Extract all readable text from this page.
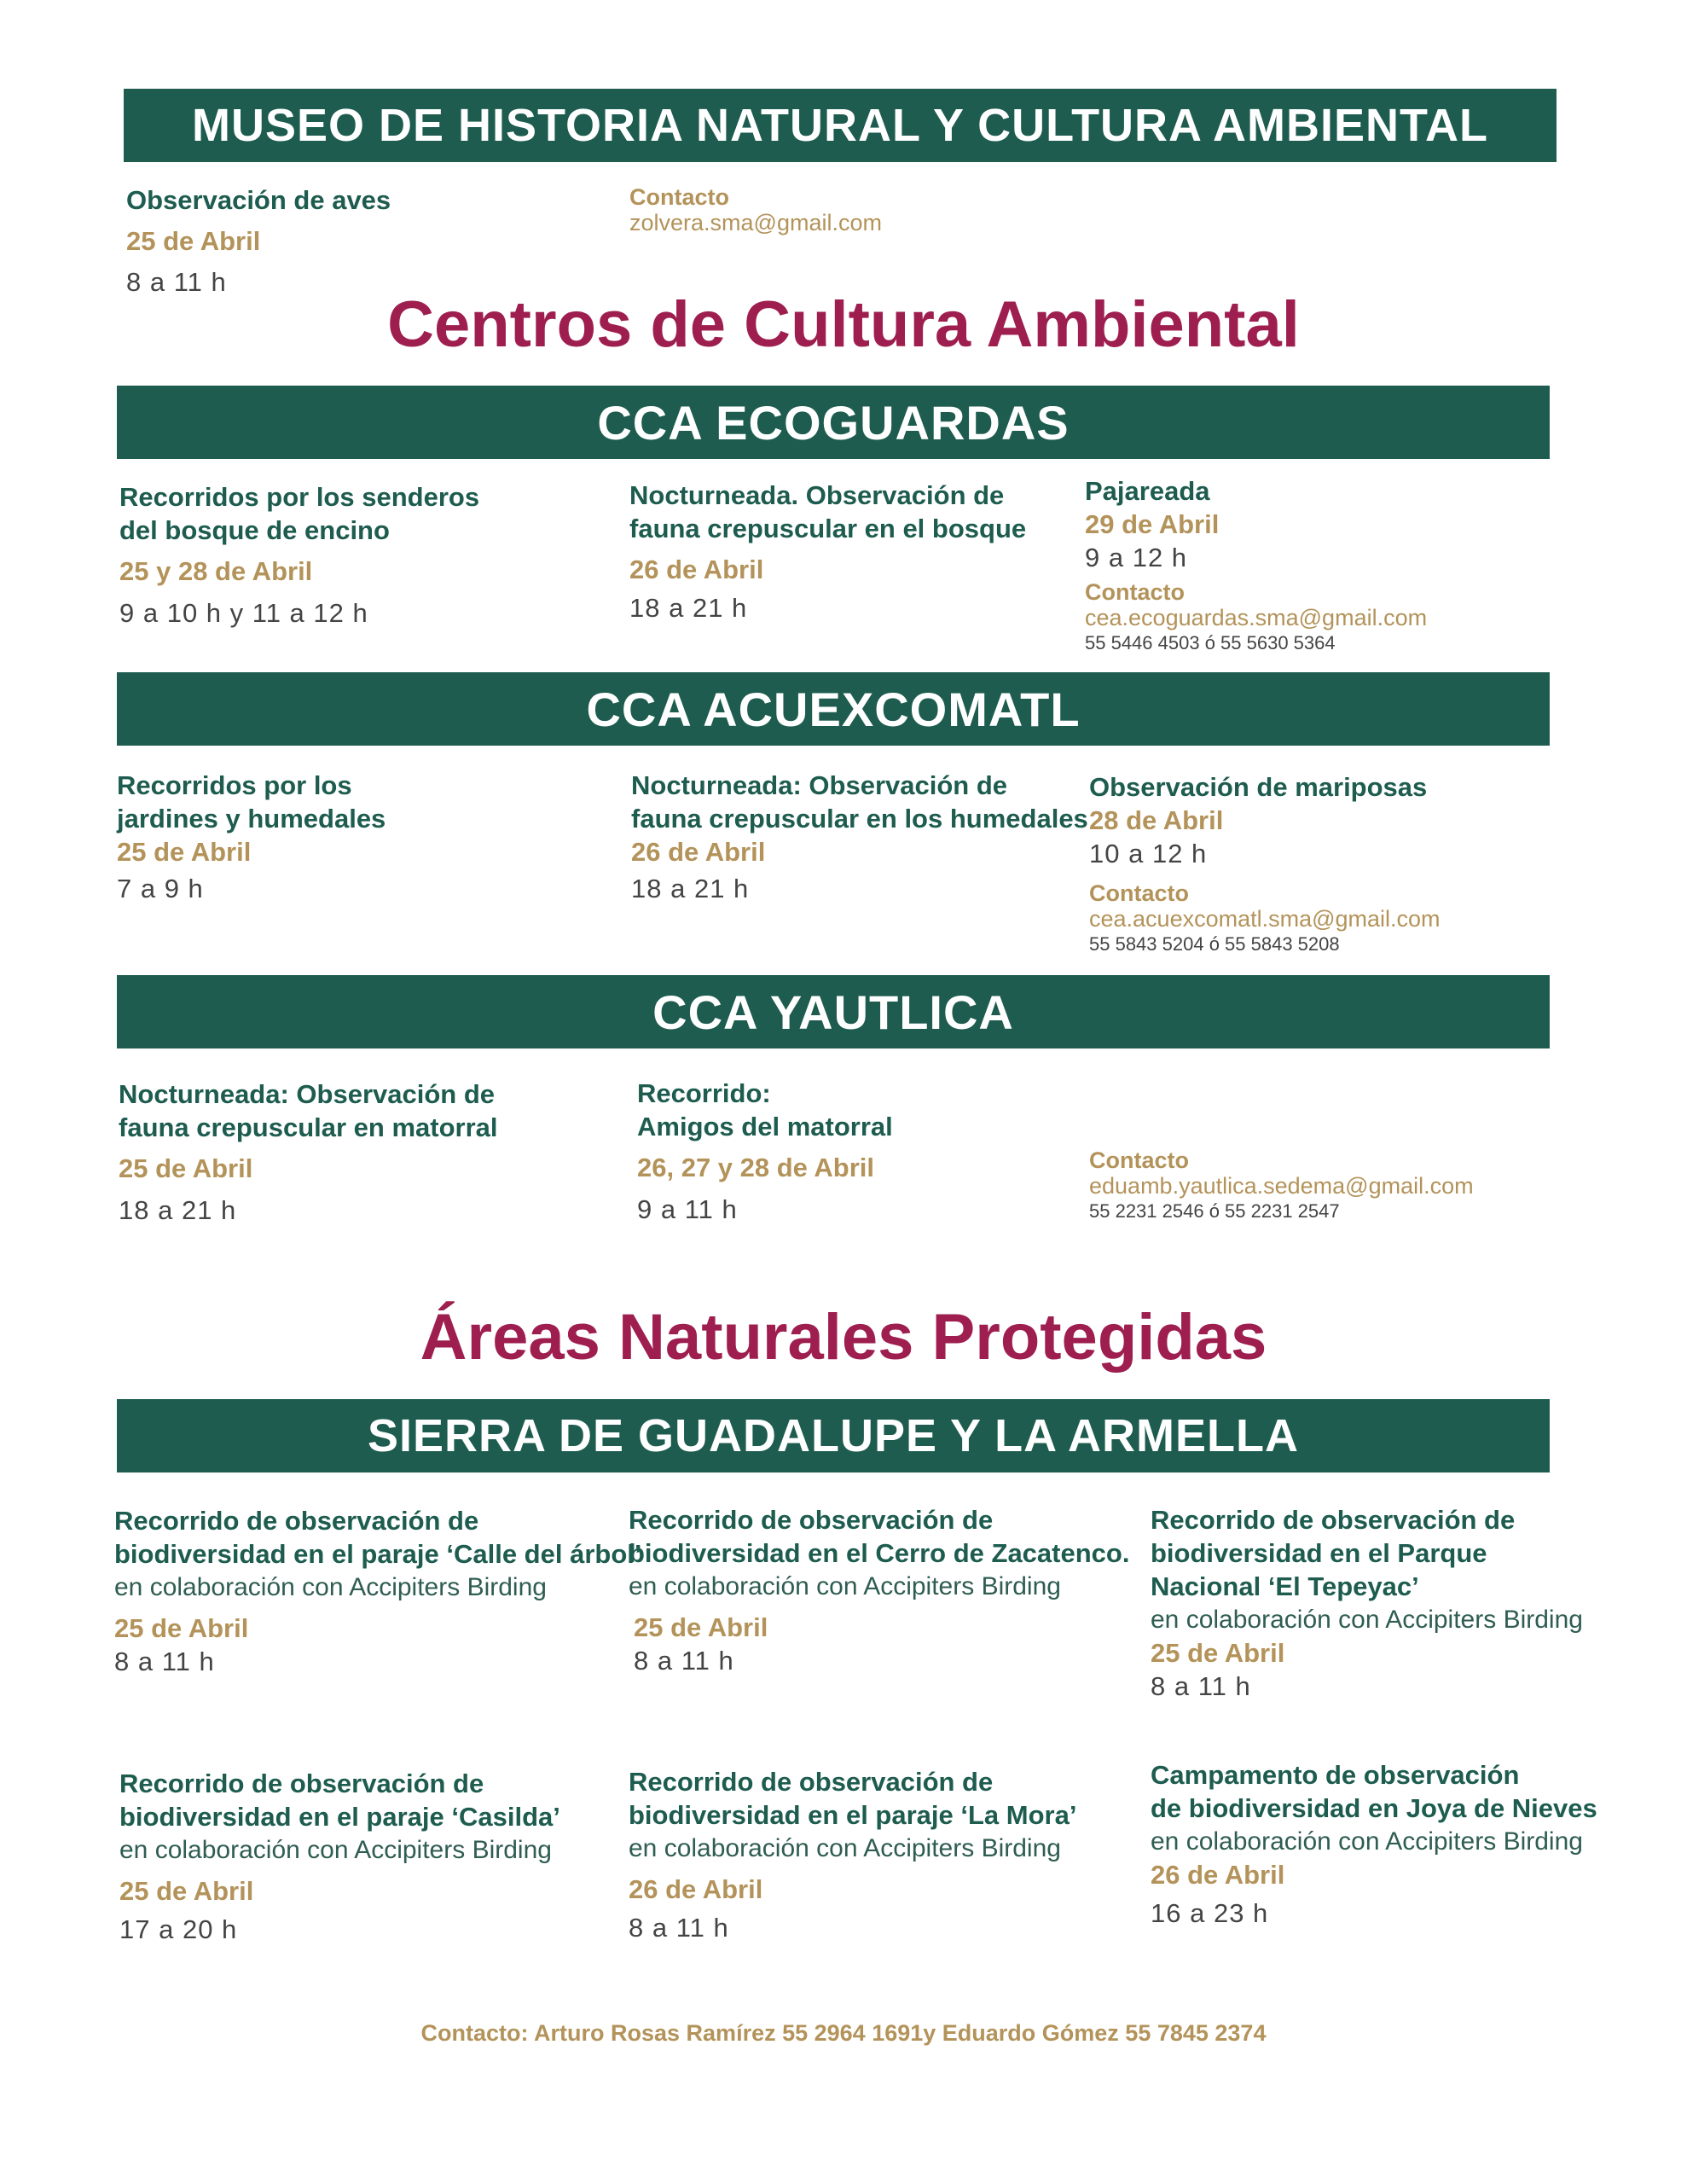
MUSEO DE HISTORIA NATURAL Y CULTURA AMBIENTAL
Observación de aves
25 de Abril
8 a 11 h
Contacto
zolvera.sma@gmail.com
Centros de Cultura Ambiental
CCA ECOGUARDAS
Recorridos por los senderos
del bosque de encino
25 y 28 de Abril
9 a 10 h y 11 a 12 h
Nocturneada. Observación de
fauna crepuscular en el bosque
26 de Abril
18 a 21 h
Pajareada
29 de Abril
9 a 12 h
Contacto
cea.ecoguardas.sma@gmail.com
55 5446 4503 ó 55 5630 5364
CCA ACUEXCOMATL
Recorridos por los
jardines y humedales
25 de Abril
7 a 9 h
Nocturneada: Observación de
fauna crepuscular en los humedales
26 de Abril
18 a 21 h
Observación de mariposas
28 de Abril
10 a 12 h
Contacto
cea.acuexcomatl.sma@gmail.com
55 5843 5204 ó 55 5843 5208
CCA YAUTLICA
Nocturneada: Observación de
fauna crepuscular en matorral
25 de Abril
18 a 21 h
Recorrido:
Amigos del matorral
26, 27 y 28 de Abril
9 a 11 h
Contacto
eduamb.yautlica.sedema@gmail.com
55 2231 2546 ó 55 2231 2547
Áreas Naturales Protegidas
SIERRA DE GUADALUPE Y LA ARMELLA
Recorrido de observación de
biodiversidad en el paraje ‘Calle del árbol’
en colaboración con Accipiters Birding
25 de Abril
8 a 11 h
Recorrido de observación de
biodiversidad en el Cerro de Zacatenco.
en colaboración con Accipiters Birding
25 de Abril
8 a 11 h
Recorrido de observación de
biodiversidad en el Parque
Nacional ‘El Tepeyac’
en colaboración con Accipiters Birding
25 de Abril
8 a 11 h
Recorrido de observación de
biodiversidad en el paraje ‘Casilda’
en colaboración con Accipiters Birding
25 de Abril
17 a 20 h
Recorrido de observación de
biodiversidad en el paraje ‘La Mora’
en colaboración con Accipiters Birding
26 de Abril
8 a 11 h
Campamento de observación
de biodiversidad en Joya de Nieves
en colaboración con Accipiters Birding
26 de Abril
16 a 23 h
Contacto: Arturo Rosas Ramírez 55 2964 1691y Eduardo Gómez 55 7845 2374
